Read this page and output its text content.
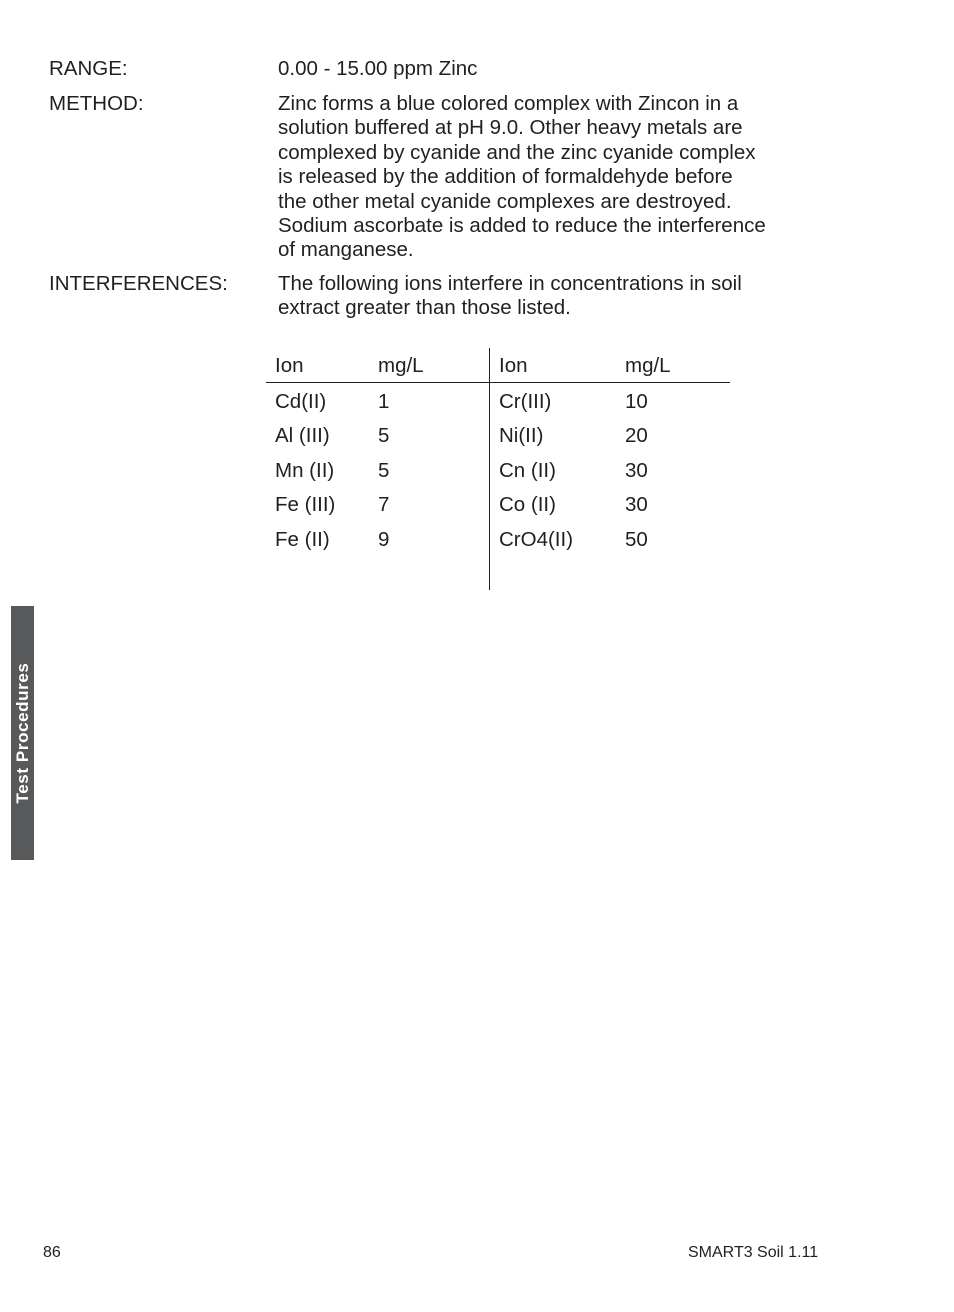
RANGE:	0.00 - 15.00 ppm Zinc
METHOD:	Zinc forms a blue colored complex with Zincon in a
solution buffered at pH 9.0. Other heavy metals are
complexed by cyanide and the zinc cyanide complex
is released by the addition of formaldehyde before
the other metal cyanide complexes are destroyed.
Sodium ascorbate is added to reduce the interference
of manganese.
INTERFERENCES: The following ions interfere in concentrations in soil
extract greater than those listed.
Ion	mg/L	Ion	mg/L
Cd(II)	1	Cr(III)	10
Al (III) 5	Ni(II)	20
Mn (II) 5	Cn (II)	30
Fe (III) 7	Co (II)	30
Fe (II) 9	CrO4(II)	50
Test Procedures
86	SMART3 Soil 1.11
